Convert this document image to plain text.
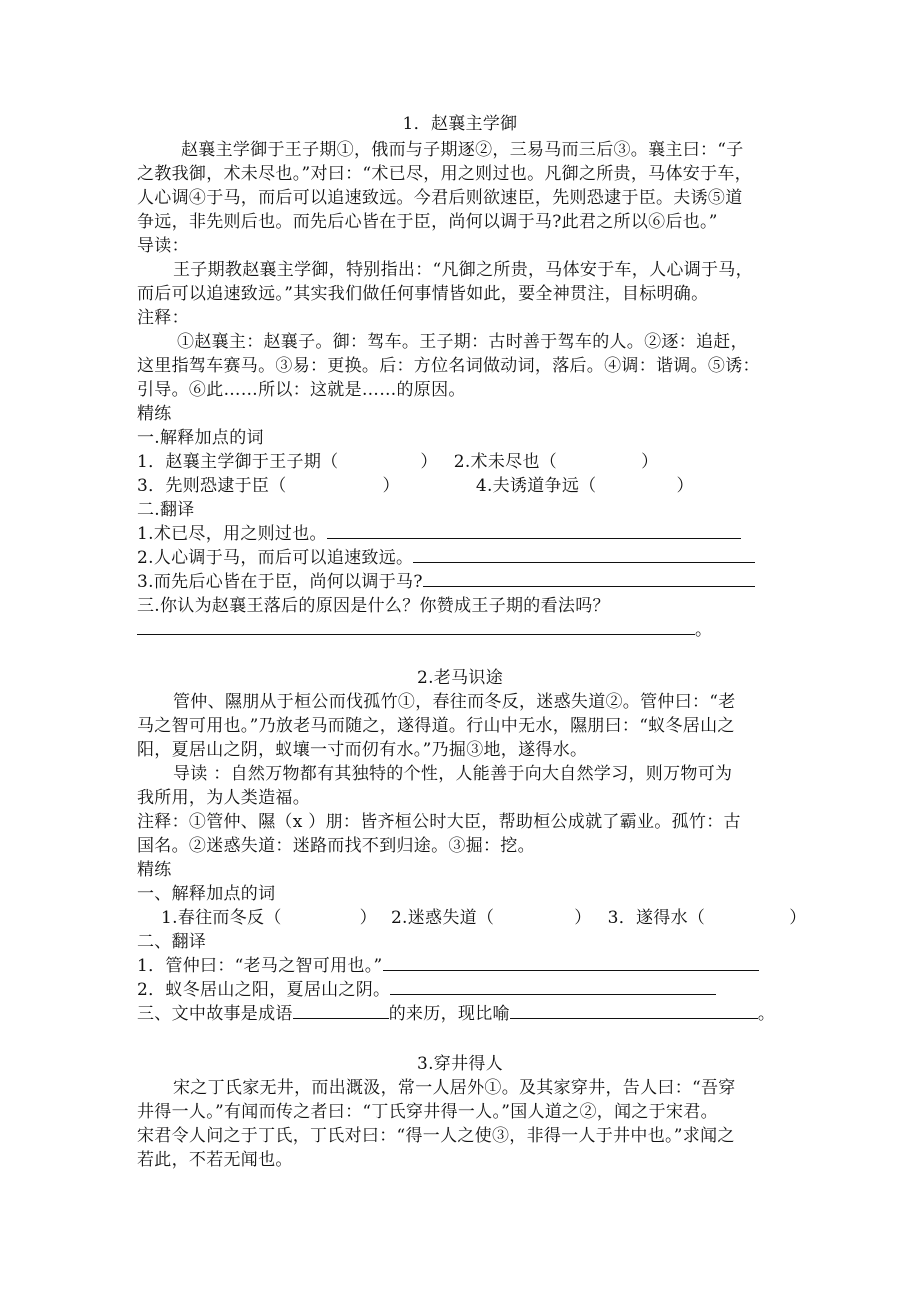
1．赵襄主学御
赵襄主学御于王子期①，俄而与子期逐②，三易马而三后③。襄主曰：“子
之教我御，术未尽也。”对曰：“术已尽，用之则过也。凡御之所贵，马体安于车，
人心调④于马，而后可以追速致远。今君后则欲速臣，先则恐逮于臣。夫诱⑤道
争远，非先则后也。而先后心皆在于臣，尚何以调于马?此君之所以⑥后也。”
导读：
王子期教赵襄主学御，特别指出：“凡御之所贵，马体安于车，人心调于马，
而后可以追速致远。”其实我们做任何事情皆如此，要全神贯注，目标明确。
注释：
①赵襄主：赵襄子。御：驾车。王子期：古时善于驾车的人。②逐：追赶，
这里指驾车赛马。③易：更换。后：方位名词做动词，落后。④调：谐调。⑤诱：
引导。⑥此……所以：这就是……的原因。
精练
一.解释加点的词
1．赵襄主学御于王子期（	） 2.术未尽也（	）
3．先则恐逮于臣（	）	4.夫诱道争远（	）
二.翻译
1.术已尽，用之则过也。
2.人心调于马，而后可以追速致远。
3.而先后心皆在于臣，尚何以调于马?
三.你认为赵襄王落后的原因是什么？你赞成王子期的看法吗？
。
2.老马识途
管仲、隰朋从于桓公而伐孤竹①，春往而冬反，迷惑失道②。管仲曰：“老
马之智可用也。”乃放老马而随之，遂得道。行山中无水，隰朋曰：“蚁冬居山之
阳，夏居山之阴，蚁壤一寸而仞有水。”乃掘③地，遂得水。
导读 ：自然万物都有其独特的个性，人能善于向大自然学习，则万物可为
我所用，为人类造福。
注释：①管仲、隰（x ）朋：皆齐桓公时大臣，帮助桓公成就了霸业。孤竹：古
国名。②迷惑失道：迷路而找不到归途。③掘：挖。
精练
一、解释加点的词
1.春往而冬反（	） 2.迷惑失道（	） 3．遂得水（	）
二、翻译
1．管仲曰：“老马之智可用也。”
2．蚁冬居山之阳，夏居山之阴。
三、文中故事是成语	的来历，现比喻	。
3.穿井得人
宋之丁氏家无井，而出溉汲，常一人居外①。及其家穿井，告人曰：“吾穿
井得一人。”有闻而传之者曰：“丁氏穿井得一人。”国人道之②，闻之于宋君。
宋君令人问之于丁氏，丁氏对曰：“得一人之使③，非得一人于井中也。”求闻之
若此，不若无闻也。
